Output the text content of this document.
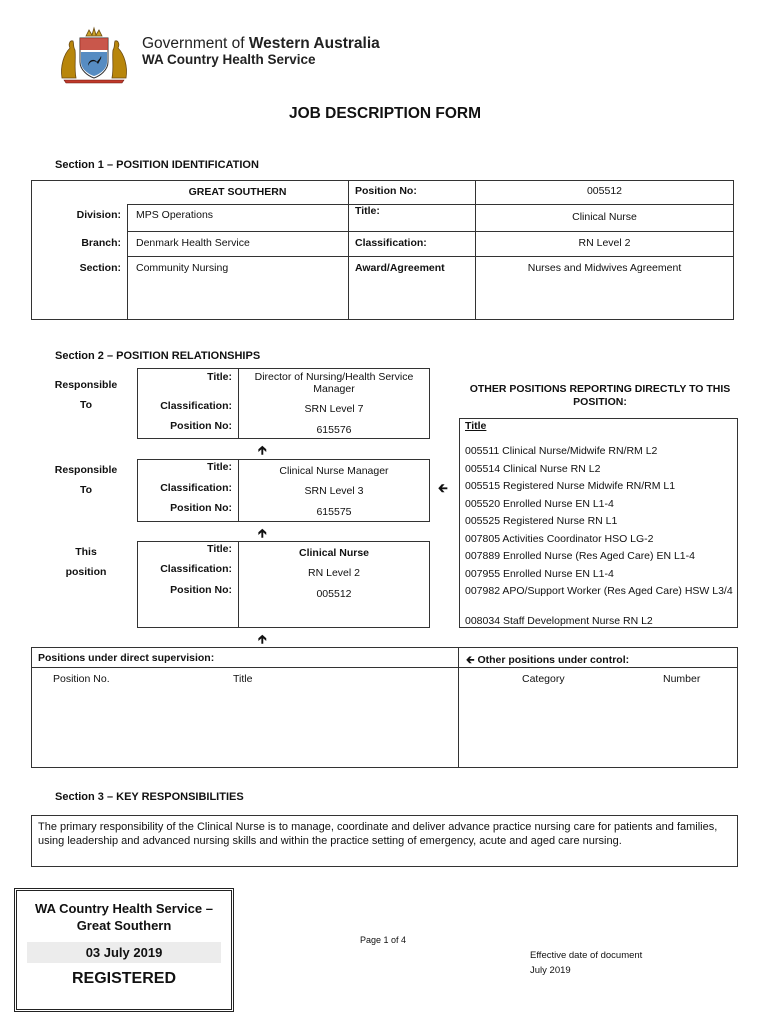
Government of Western Australia
WA Country Health Service
JOB DESCRIPTION FORM
Section 1 – POSITION IDENTIFICATION
GREAT SOUTHERN	Position No:	005512
Division: MPS Operations	Title:	Clinical Nurse
Branch: Denmark Health Service	Classification:	RN Level 2
Section: Community Nursing	Award/Agreement	Nurses and Midwives Agreement
Section 2 – POSITION RELATIONSHIPS
Responsible
To
Title:	Director of Nursing/Health Service Manager
Classification:	SRN Level 7
Position No:	615576
🡱
Responsible
To
Title:	Clinical Nurse Manager
Classification:	SRN Level 3
Position No:	615575
🡰
🡱
This
position
Title:	Clinical Nurse
Classification:	RN Level 2
Position No:	005512
🡱
OTHER POSITIONS REPORTING DIRECTLY TO THIS POSITION:
Title
005511 Clinical Nurse/Midwife RN/RM L2
005514 Clinical Nurse RN L2
005515 Registered Nurse Midwife RN/RM L1
005520 Enrolled Nurse EN L1-4
005525 Registered Nurse RN L1
007805 Activities Coordinator HSO LG-2
007889 Enrolled Nurse (Res Aged Care) EN L1-4
007955 Enrolled Nurse EN L1-4
007982 APO/Support Worker (Res Aged Care) HSW L3/4
008034 Staff Development Nurse RN L2
Positions under direct supervision:	🡰 Other positions under control:
Position No.	Title	Category	Number
Section 3 – KEY RESPONSIBILITIES
The primary responsibility of the Clinical Nurse is to manage, coordinate and deliver advance practice nursing care for patients and families, using leadership and advanced nursing skills and within the practice setting of emergency, acute and aged care nursing.
WA Country Health Service –
Great Southern
03 July 2019
REGISTERED
Page 1 of 4
Effective date of document
July 2019
